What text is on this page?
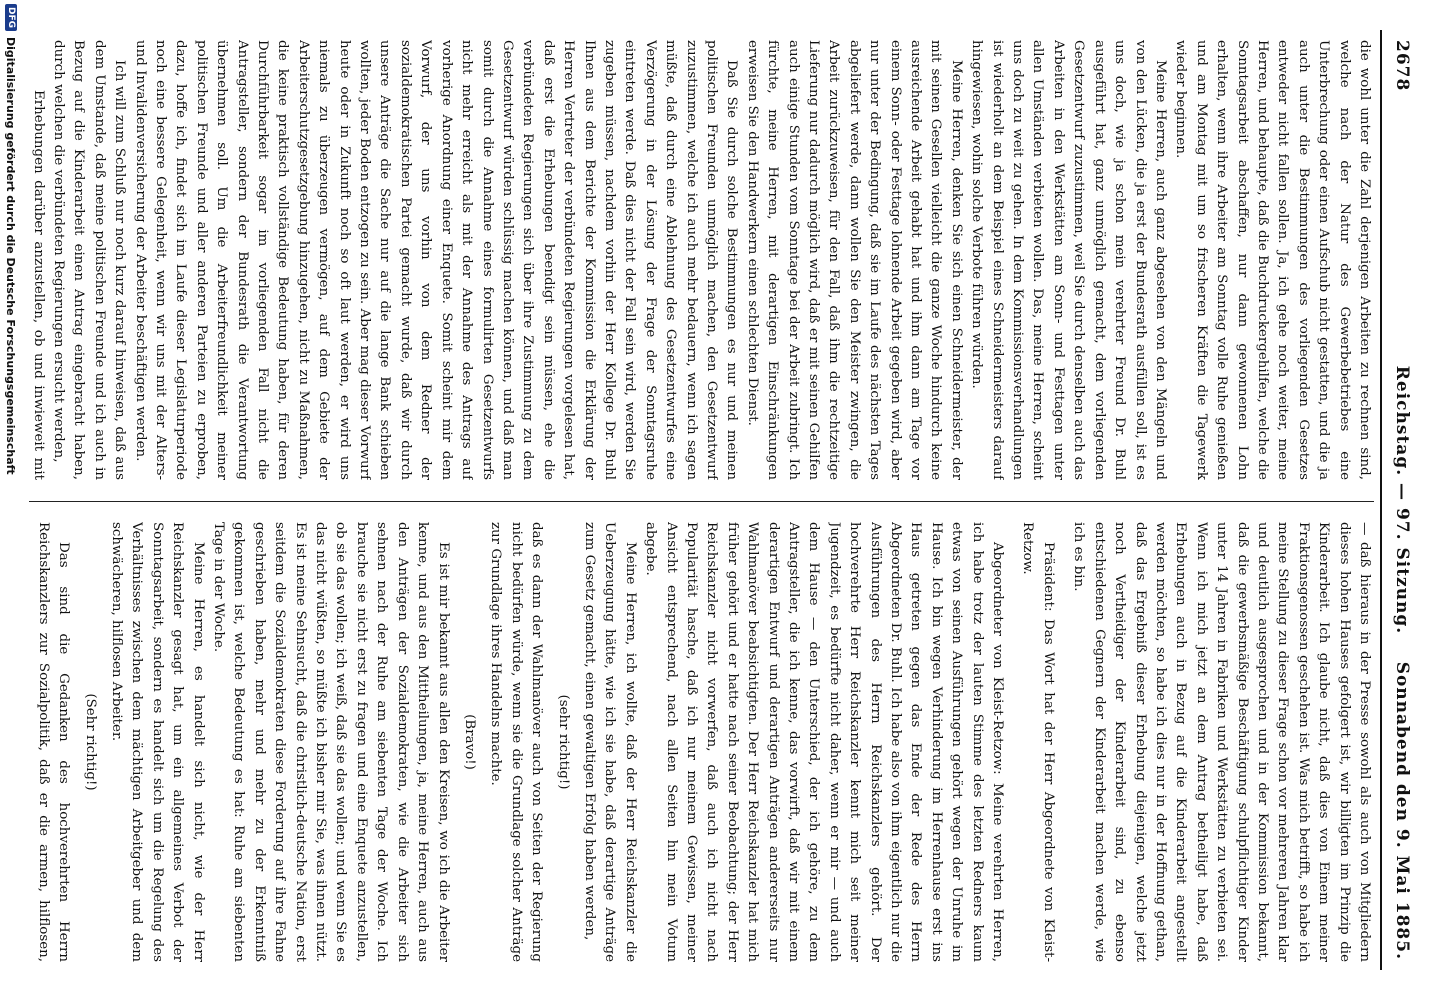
2678
Reichstag. — 97. Sitzung.
Sonnabend den 9. Mai 1885.

die wohl unter die Zahl derjenigen Arbeiten zu rechnen sind, welche nach der Natur des Gewerbebetriebes eine Unterbrechung oder einen Aufschub nicht gestatten, und die ja auch unter die Bestimmungen des vorliegenden Gesetzes entweder nicht fallen sollen. Ja, ich gehe noch weiter, meine Herren, und behaupte, daß die Buchdruckergehilfen, welche die Sonntagsarbeit abschaffen, nur dann gewonnenen Lohn erhalten, wenn ihre Arbeiter am Sonntag volle Ruhe genießen und am Montag mit um so frischeren Kräften die Tagewerk wieder beginnen.

Meine Herren, auch ganz abgesehen von den Mängeln und von den Lücken, die ja erst der Bundesrath ausfüllen soll, ist es uns doch, wie ja schon mein verehrter Freund Dr. Buhl ausgeführt hat, ganz unmöglich gemacht, dem vorliegenden Gesetzentwurf zuzustimmen, weil Sie durch denselben auch das Arbeiten in den Werkstätten am Sonn- und Festtagen unter allen Umständen verbieten wollen. Das, meine Herren, scheint uns doch zu weit zu gehen. In dem Kommissionsverhandlungen ist wiederholt an dem Beispiel eines Schneidermeisters darauf hingewiesen, wohin solche Verbote führen würden.

Meine Herren, denken Sie sich einen Schneidermeister, der mit seinen Gesellen vielleicht die ganze Woche hindurch keine ausreichende Arbeit gehabt hat und ihm dann am Tage vor einem Sonn- oder Festtage lohnende Arbeit gegeben wird, aber nur unter der Bedingung, daß sie im Laufe des nächsten Tages abgeliefert werde, dann wollen Sie den Meister zwingen, die Arbeit zurückzuweisen, für den Fall, daß ihm die rechtzeitige Lieferung nur dadurch möglich wird, daß er mit seinen Gehilfen auch einige Stunden vom Sonntage bei der Arbeit zubringt. Ich fürchte, meine Herren, mit derartigen Einschränkungen erweisen Sie den Handwerkern einen schlechten Dienst.

Daß Sie durch solche Bestimmungen es nur und meinen politischen Freunden unmöglich machen, den Gesetzentwurf zuzustimmen, welche ich auch mehr bedauern, wenn ich sagen müßte, daß durch eine Ablehnung des Gesetzentwurfes eine Verzögerung in der Lösung der Frage der Sonntagsruhe eintreten werde. Daß dies nicht der Fall sein wird, werden Sie zugeben müssen, nachdem vorhin der Herr Kollege Dr. Buhl Ihnen aus dem Berichte der Kommission die Erklärung der Herren Vertreter der verbündeten Regierungen vorgelesen hat, daß erst die Erhebungen beendigt sein müssen, ehe die verbündeten Regierungen sich über ihre Zustimmung zu dem Gesetzentwurf würden schlüssig machen können, und daß man somit durch die Annahme eines formulirten Gesetzentwurfs nicht mehr erreicht als mit der Annahme des Antrags auf vorherige Anordnung einer Enquete. Somit scheint mir dem Vorwurf, der uns vorhin von dem Redner der sozialdemokratischen Partei gemacht wurde, daß wir durch unsere Anträge die Sache nur auf die lange Bank schieben wollten, jeder Boden entzogen zu sein. Aber mag dieser Vorwurf heute oder in Zukunft noch so oft laut werden, er wird uns niemals zu überzeugen vermögen, auf dem Gebiete der Arbeiterschutzgesetzgebung hinzugehen, nicht zu Maßnahmen, die keine praktisch vollständige Bedeutung haben, für deren Durchführbarkeit sogar im vorliegenden Fall nicht die Antragsteller, sondern der Bundesrath die Verantwortung übernehmen soll. Um die Arbeiterfreundlichkeit meiner politischen Freunde und aller anderen Parteien zu erproben, dazu, hoffe ich, findet sich im Laufe dieser Legislaturperiode noch eine bessere Gelegenheit, wenn wir uns mit der Alters- und Invalidenversicherung der Arbeiter beschäftigen werden.

Ich will zum Schluß nur noch kurz darauf hinweisen, daß aus dem Umstande, daß meine politischen Freunde und ich auch in Bezug auf die Kinderarbeit einen Antrag eingebracht haben, durch welchen die verbündeten Regierungen ersucht werden,

Erhebungen darüber anzustellen, ob und inwieweit mit

— daß hieraus in der Presse sowohl als auch von Mitgliedern dieses hohen Hauses gefolgert ist, wir billigten im Prinzip die Kinderarbeit. Ich glaube nicht, daß dies von Einem meiner Fraktionsgenossen geschehen ist. Was mich betrifft, so habe ich meine Stellung zu dieser Frage schon vor mehreren Jahren klar und deutlich ausgesprochen und in der Kommission bekannt, daß die gewerbsmäßige Beschäftigung schulpflichtiger Kinder unter 14 Jahren in Fabriken und Werkstätten zu verbieten sei. Wenn ich mich jetzt an dem Antrag betheiligt habe, daß Erhebungen auch in Bezug auf die Kinderarbeit angestellt werden möchten, so habe ich dies nur in der Hoffnung gethan, daß das Ergebniß dieser Erhebung diejenigen, welche jetzt noch Vertheidiger der Kinderarbeit sind, zu ebenso entschiedenen Gegnern der Kinderarbeit machen werde, wie ich es bin.

Präsident: Das Wort hat der Herr Abgeordnete von Kleist-Retzow.

Abgeordneter von Kleist-Retzow: Meine verehrten Herren, ich habe trotz der lauten Stimme des letzten Redners kaum etwas von seinen Ausführungen gehört wegen der Unruhe im Hause. Ich bin wegen Verhinderung im Herrenhause erst ins Haus getreten gegen das Ende der Rede des Herrn Abgeordneten Dr. Buhl. Ich habe also von ihm eigentlich nur die Ausführungen des Herrn Reichskanzlers gehört. Der hochverehrte Herr Reichskanzler kennt mich seit meiner Jugendzeit, es bedürfte nicht daher, wenn er mir — und auch dem Hause — den Unterschied, der ich gehöre, zu dem Antragsteller, die ich kenne, das vorwirft, daß wir mit einem derartigen Entwurf und derartigen Anträgen andererseits nur Wahlmanöver beabsichtigten. Der Herr Reichskanzler hat mich früher gehört und er hatte nach seiner Beobachtung; der Herr Reichskanzler nicht vorwerfen, daß auch ich nicht nach Popularität hasche, daß ich nur meinem Gewissen, meiner Ansicht entsprechend, nach allen Seiten hin mein Votum abgebe.

Meine Herren, ich wollte, daß der Herr Reichskanzler die Ueberzeugung hätte, wie ich sie habe, daß derartige Anträge zum Gesetz gemacht, einen gewaltigen Erfolg haben werden,

(sehr richtig!)

daß es dann der Wahlmanöver auch von Seiten der Regierung nicht bedürfen würde, wenn sie die Grundlage solcher Anträge zur Grundlage ihres Handelns machte.

(Bravo!)

Es ist mir bekannt aus allen den Kreisen, wo ich die Arbeiter kenne, und aus den Mittheilungen, ja, meine Herren, auch aus den Anträgen der Sozialdemokraten, wie die Arbeiter sich sehnen nach der Ruhe am siebenten Tage der Woche. Ich brauche sie nicht erst zu fragen und eine Enquete anzustellen, ob sie das wollen; ich weiß, daß sie das wollen; und wenn Sie es das nicht wüßten, so müßte ich bisher mir Sie, was ihnen nützt. Es ist meine Sehnsucht, daß die christlich-deutsche Nation, erst seitdem die Sozialdemokraten diese Forderung auf ihre Fahne geschrieben haben, mehr und mehr zu der Erkenntniß gekommen ist, welche Bedeutung es hat: Ruhe am siebenten Tage in der Woche.

Meine Herren, es handelt sich nicht, wie der Herr Reichskanzler gesagt hat, um ein allgemeines Verbot der Sonntagsarbeit, sondern es handelt sich um die Regelung des Verhältnisses zwischen dem mächtigen Arbeitgeber und dem schwächeren, hilflosen Arbeiter.

(Sehr richtig!)

Das sind die Gedanken des hochverehrten Herrn Reichskanzlers zur Sozialpolitik, daß er die armen, hilflosen,

DFG
Digitalisierung gefördert durch die Deutsche Forschungsgemeinschaft
